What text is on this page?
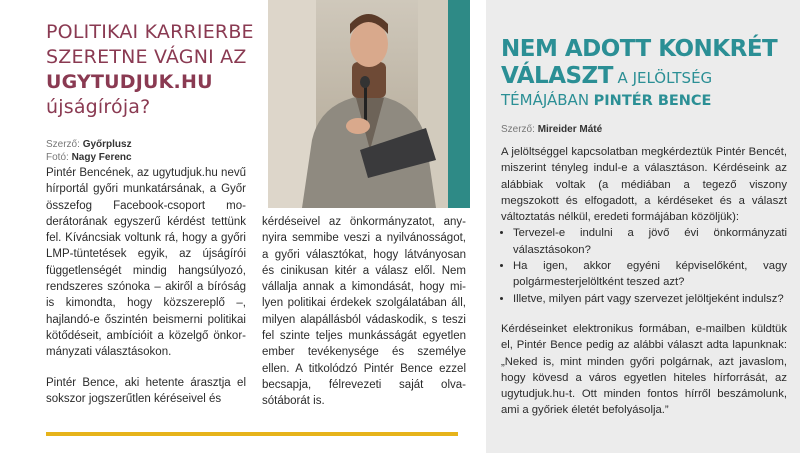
POLITIKAI KARRIERBE SZERETNE VÁGNI AZ UGYTUDJUK.HU újságírója?
Szerző: Győrplusz
Fotó: Nagy Ferenc

Pintér Bencének, az ugytudjuk.hu nevű hírportál győri munkatársának, a Győr összefog Facebook-csoport moderátorának egyszerű kérdést tettünk fel. Kíváncsiak voltunk rá, hogy a győri LMP-tüntetések egyik, az újságírói függetlenségét mindig hangsúlyozó, rendszeres szónoka – akiről a bíróság is kimondta, hogy közszereplő –, hajlandó-e őszintén beismerni politikai kötődéseit, ambícióit a közelgő önkormányzati választásokon.

Pintér Bence, aki hetente árasztja el sokszor jogszerűtlen kéréseivel és

kérdéseivel az önkormányzatot, anynyira semmibe veszi a nyilvánosságot, a győri választókat, hogy látványosan és cinikusan kitér a válasz elől. Nem vállalja annak a kimondását, hogy milyen politikai érdekek szolgálatában áll, milyen alapállásból vádaskodik, s teszi fel szinte teljes munkásságát egyetlen ember tevékenysége és személye ellen. A titkolódzó Pintér Bence ezzel becsapja, félrevezeti saját olvasótáborát is.

NEM ADOTT KONKRÉT VÁLASZT A JELÖLTSÉG TÉMÁJÁBAN PINTÉR BENCE
Szerző: Mireider Máté

A jelöltséggel kapcsolatban megkérdeztük Pintér Bencét, miszerint tényleg indul-e a választáson. Kérdéseink az alábbiak voltak (a médiában a tegező viszony megszokott és elfogadott, a kérdéseket és a választ változtatás nélkül, eredeti formájában közöljük):

• Tervezel-e indulni a jövő évi önkormányzati választásokon?
• Ha igen, akkor egyéni képviselőként, vagy polgármesterjelöltként teszed azt?
• Illetve, milyen párt vagy szervezet jelöltjeként indulsz?

Kérdéseinket elektronikus formában, e-mailben küldtük el, Pintér Bence pedig az alábbi választ adta lapunknak: „Neked is, mint minden győri polgárnak, azt javaslom, hogy kövesd a város egyetlen hiteles hírforrását, az ugytudjuk.hu-t. Ott minden fontos hírről beszámolunk, ami a győriek életét befolyásolja.”
